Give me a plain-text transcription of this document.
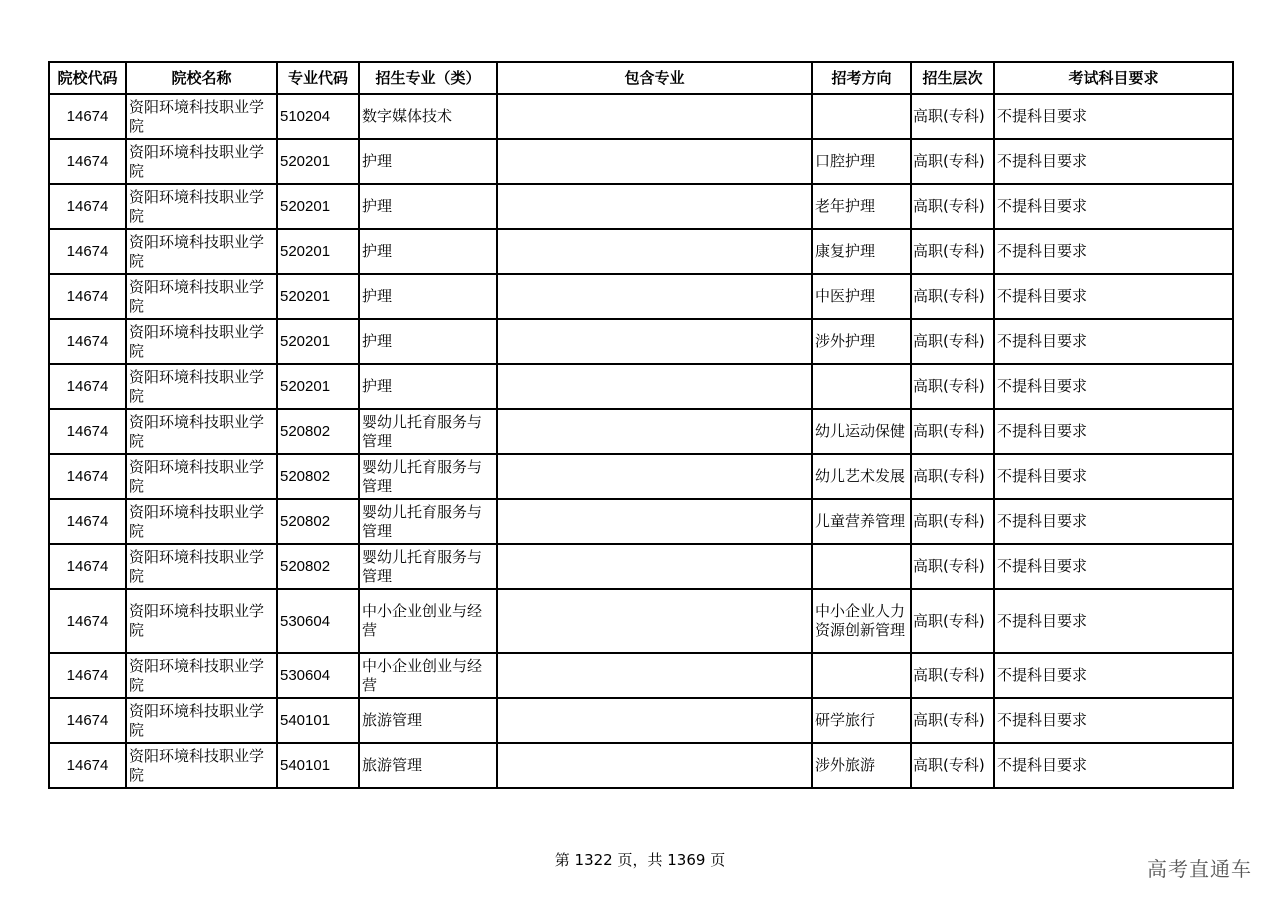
院校代码	院校名称	专业代码	招生专业（类）	包含专业	招考方向	招生层次	考试科目要求
14674	资阳环境科技职业学院	510204	数字媒体技术			高职(专科)	不提科目要求
14674	资阳环境科技职业学院	520201	护理		口腔护理	高职(专科)	不提科目要求
14674	资阳环境科技职业学院	520201	护理		老年护理	高职(专科)	不提科目要求
14674	资阳环境科技职业学院	520201	护理		康复护理	高职(专科)	不提科目要求
14674	资阳环境科技职业学院	520201	护理		中医护理	高职(专科)	不提科目要求
14674	资阳环境科技职业学院	520201	护理		涉外护理	高职(专科)	不提科目要求
14674	资阳环境科技职业学院	520201	护理			高职(专科)	不提科目要求
14674	资阳环境科技职业学院	520802	婴幼儿托育服务与管理		幼儿运动保健	高职(专科)	不提科目要求
14674	资阳环境科技职业学院	520802	婴幼儿托育服务与管理		幼儿艺术发展	高职(专科)	不提科目要求
14674	资阳环境科技职业学院	520802	婴幼儿托育服务与管理		儿童营养管理	高职(专科)	不提科目要求
14674	资阳环境科技职业学院	520802	婴幼儿托育服务与管理			高职(专科)	不提科目要求
14674	资阳环境科技职业学院	530604	中小企业创业与经营		中小企业人力资源创新管理	高职(专科)	不提科目要求
14674	资阳环境科技职业学院	530604	中小企业创业与经营			高职(专科)	不提科目要求
14674	资阳环境科技职业学院	540101	旅游管理		研学旅行	高职(专科)	不提科目要求
14674	资阳环境科技职业学院	540101	旅游管理		涉外旅游	高职(专科)	不提科目要求
第 1322 页，共 1369 页	高考直通车
